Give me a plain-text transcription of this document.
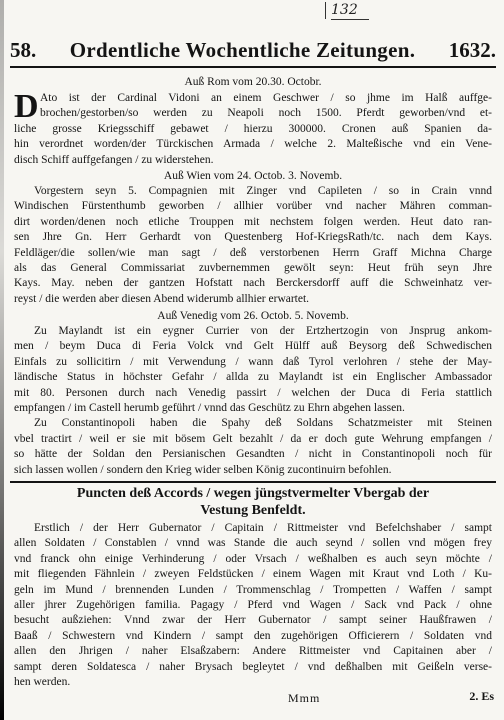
132
58. Ordentliche Wochentliche Zeitungen. 1632.
Auß Rom vom 20.30. Octobr.
D Ato ist der Cardinal Vidoni an einem Geschwer / so jhme im Halß auffge-
brochen/gestorben/so werden zu Neapoli noch 1500. Pferdt geworben/vnd et-
liche grosse Kriegsschiff gebawet / hierzu 300000. Cronen auß Spanien da-
hin verordnet worden/der Türckischen Armada / welche 2. Malteßische vnd ein Vene-
disch Schiff auffgefangen / zu widerstehen.
Auß Wien vom 24. Octob. 3. Novemb.
Vorgestern seyn 5. Compagnien mit Zinger vnd Capileten / so in Crain vnnd
Windischen Fürstenthumb geworben / allhier vorüber vnd nacher Mähren comman-
dirt worden/denen noch etliche Trouppen mit nechstem folgen werden. Heut dato ran-
sen Jhre Gn. Herr Gerhardt von Questenberg Hof-KriegsRath/tc. nach dem Kays.
Feldläger/die sollen/wie man sagt / deß verstorbenen Herrn Graff Michna Charge
als das General Commissariat zuvbernemmen gewölt seyn: Heut früh seyn Jhre
Kays. May. neben der gantzen Hofstatt nach Berckersdorff auff die Schweinhatz ver-
reyst / die werden aber diesen Abend widerumb allhier erwartet.
Auß Venedig vom 26. Octob. 5. Novemb.
Zu Maylandt ist ein eygner Currier von der Ertzhertzogin von Jnsprug ankom-
men / beym Duca di Feria Volck vnd Gelt Hülff auß Beysorg deß Schwedischen
Einfals zu sollicitirn / mit Verwendung / wann daß Tyrol verlohren / stehe der May-
ländische Status in höchster Gefahr / allda zu Maylandt ist ein Englischer Ambassador
mit 80. Personen durch nach Venedig passirt / welchen der Duca di Feria stattlich
empfangen / im Castell herumb geführt / vnnd das Geschütz zu Ehrn abgehen lassen.
Zu Constantinopoli haben die Spahy deß Soldans Schatzmeister mit Steinen
vbel tractirt / weil er sie mit bösem Gelt bezahlt / da er doch gute Wehrung empfangen /
so hätte der Soldan den Persianischen Gesandten / nicht in Constantinopoli noch für
sich lassen wollen / sondern den Krieg wider selben König zucontinuirn befohlen.
Puncten deß Accords / wegen jüngstvermelter Vbergab der
Vestung Benfeldt.
Erstlich / der Herr Gubernator / Capitain / Rittmeister vnd Befelchshaber / sampt
allen Soldaten / Constablen / vnnd was Stande die auch seynd / sollen vnd mögen frey
vnd franck ohn einige Verhinderung / oder Vrsach / weßhalben es auch seyn möchte /
mit fliegenden Fähnlein / zweyen Feldstücken / einem Wagen mit Kraut vnd Loth / Ku-
geln im Mund / brennenden Lunden / Trommenschlag / Trompetten / Waffen / sampt
aller jhrer Zugehörigen familia. Pagagy / Pferd vnd Wagen / Sack vnd Pack / ohne
besucht außziehen: Vnnd zwar der Herr Gubernator / sampt seiner Haußfrawen /
Baaß / Schwestern vnd Kindern / sampt den zugehörigen Officierern / Soldaten vnd
allen den Jhrigen / naher Elsaßzabern: Andere Rittmeister vnd Capitainen aber /
sampt deren Soldatesca / naher Brysach begleytet / vnd deßhalben mit Geißeln verse-
hen werden.
Mmm	2. Es
